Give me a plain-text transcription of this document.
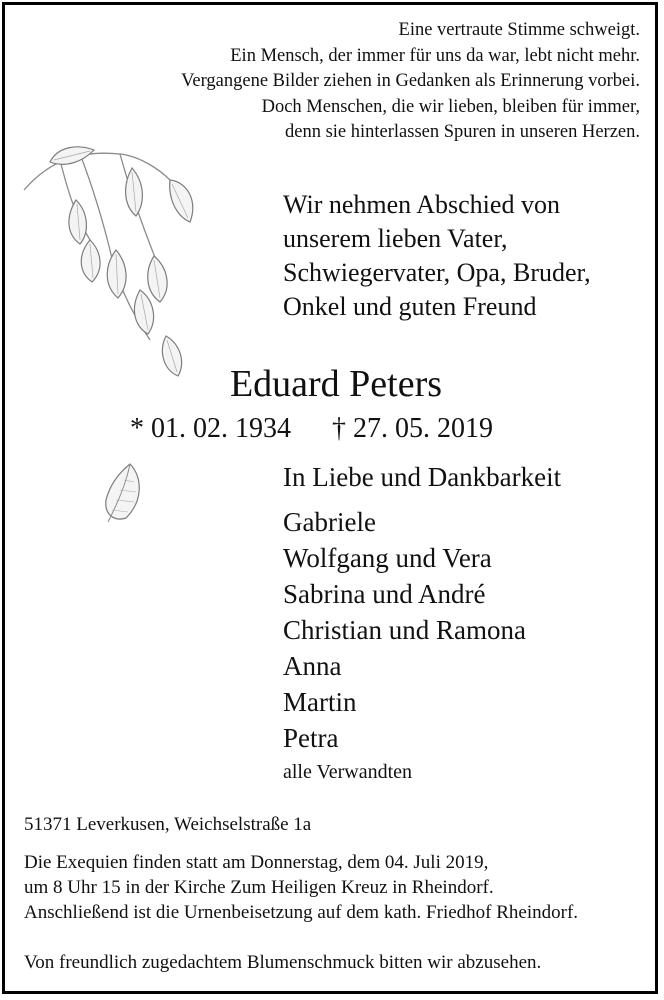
Eine vertraute Stimme schweigt.
Ein Mensch, der immer für uns da war, lebt nicht mehr.
Vergangene Bilder ziehen in Gedanken als Erinnerung vorbei.
Doch Menschen, die wir lieben, bleiben für immer,
denn sie hinterlassen Spuren in unseren Herzen.
Wir nehmen Abschied von
unserem lieben Vater,
Schwiegervater, Opa, Bruder,
Onkel und guten Freund
Eduard Peters
* 01. 02. 1934 † 27. 05. 2019
In Liebe und Dankbarkeit
Gabriele
Wolfgang und Vera
Sabrina und André
Christian und Ramona
Anna
Martin
Petra
alle Verwandten
51371 Leverkusen, Weichselstraße 1a
Die Exequien finden statt am Donnerstag, dem 04. Juli 2019,
um 8 Uhr 15 in der Kirche Zum Heiligen Kreuz in Rheindorf.
Anschließend ist die Urnenbeisetzung auf dem kath. Friedhof Rheindorf.
Von freundlich zugedachtem Blumenschmuck bitten wir abzusehen.
